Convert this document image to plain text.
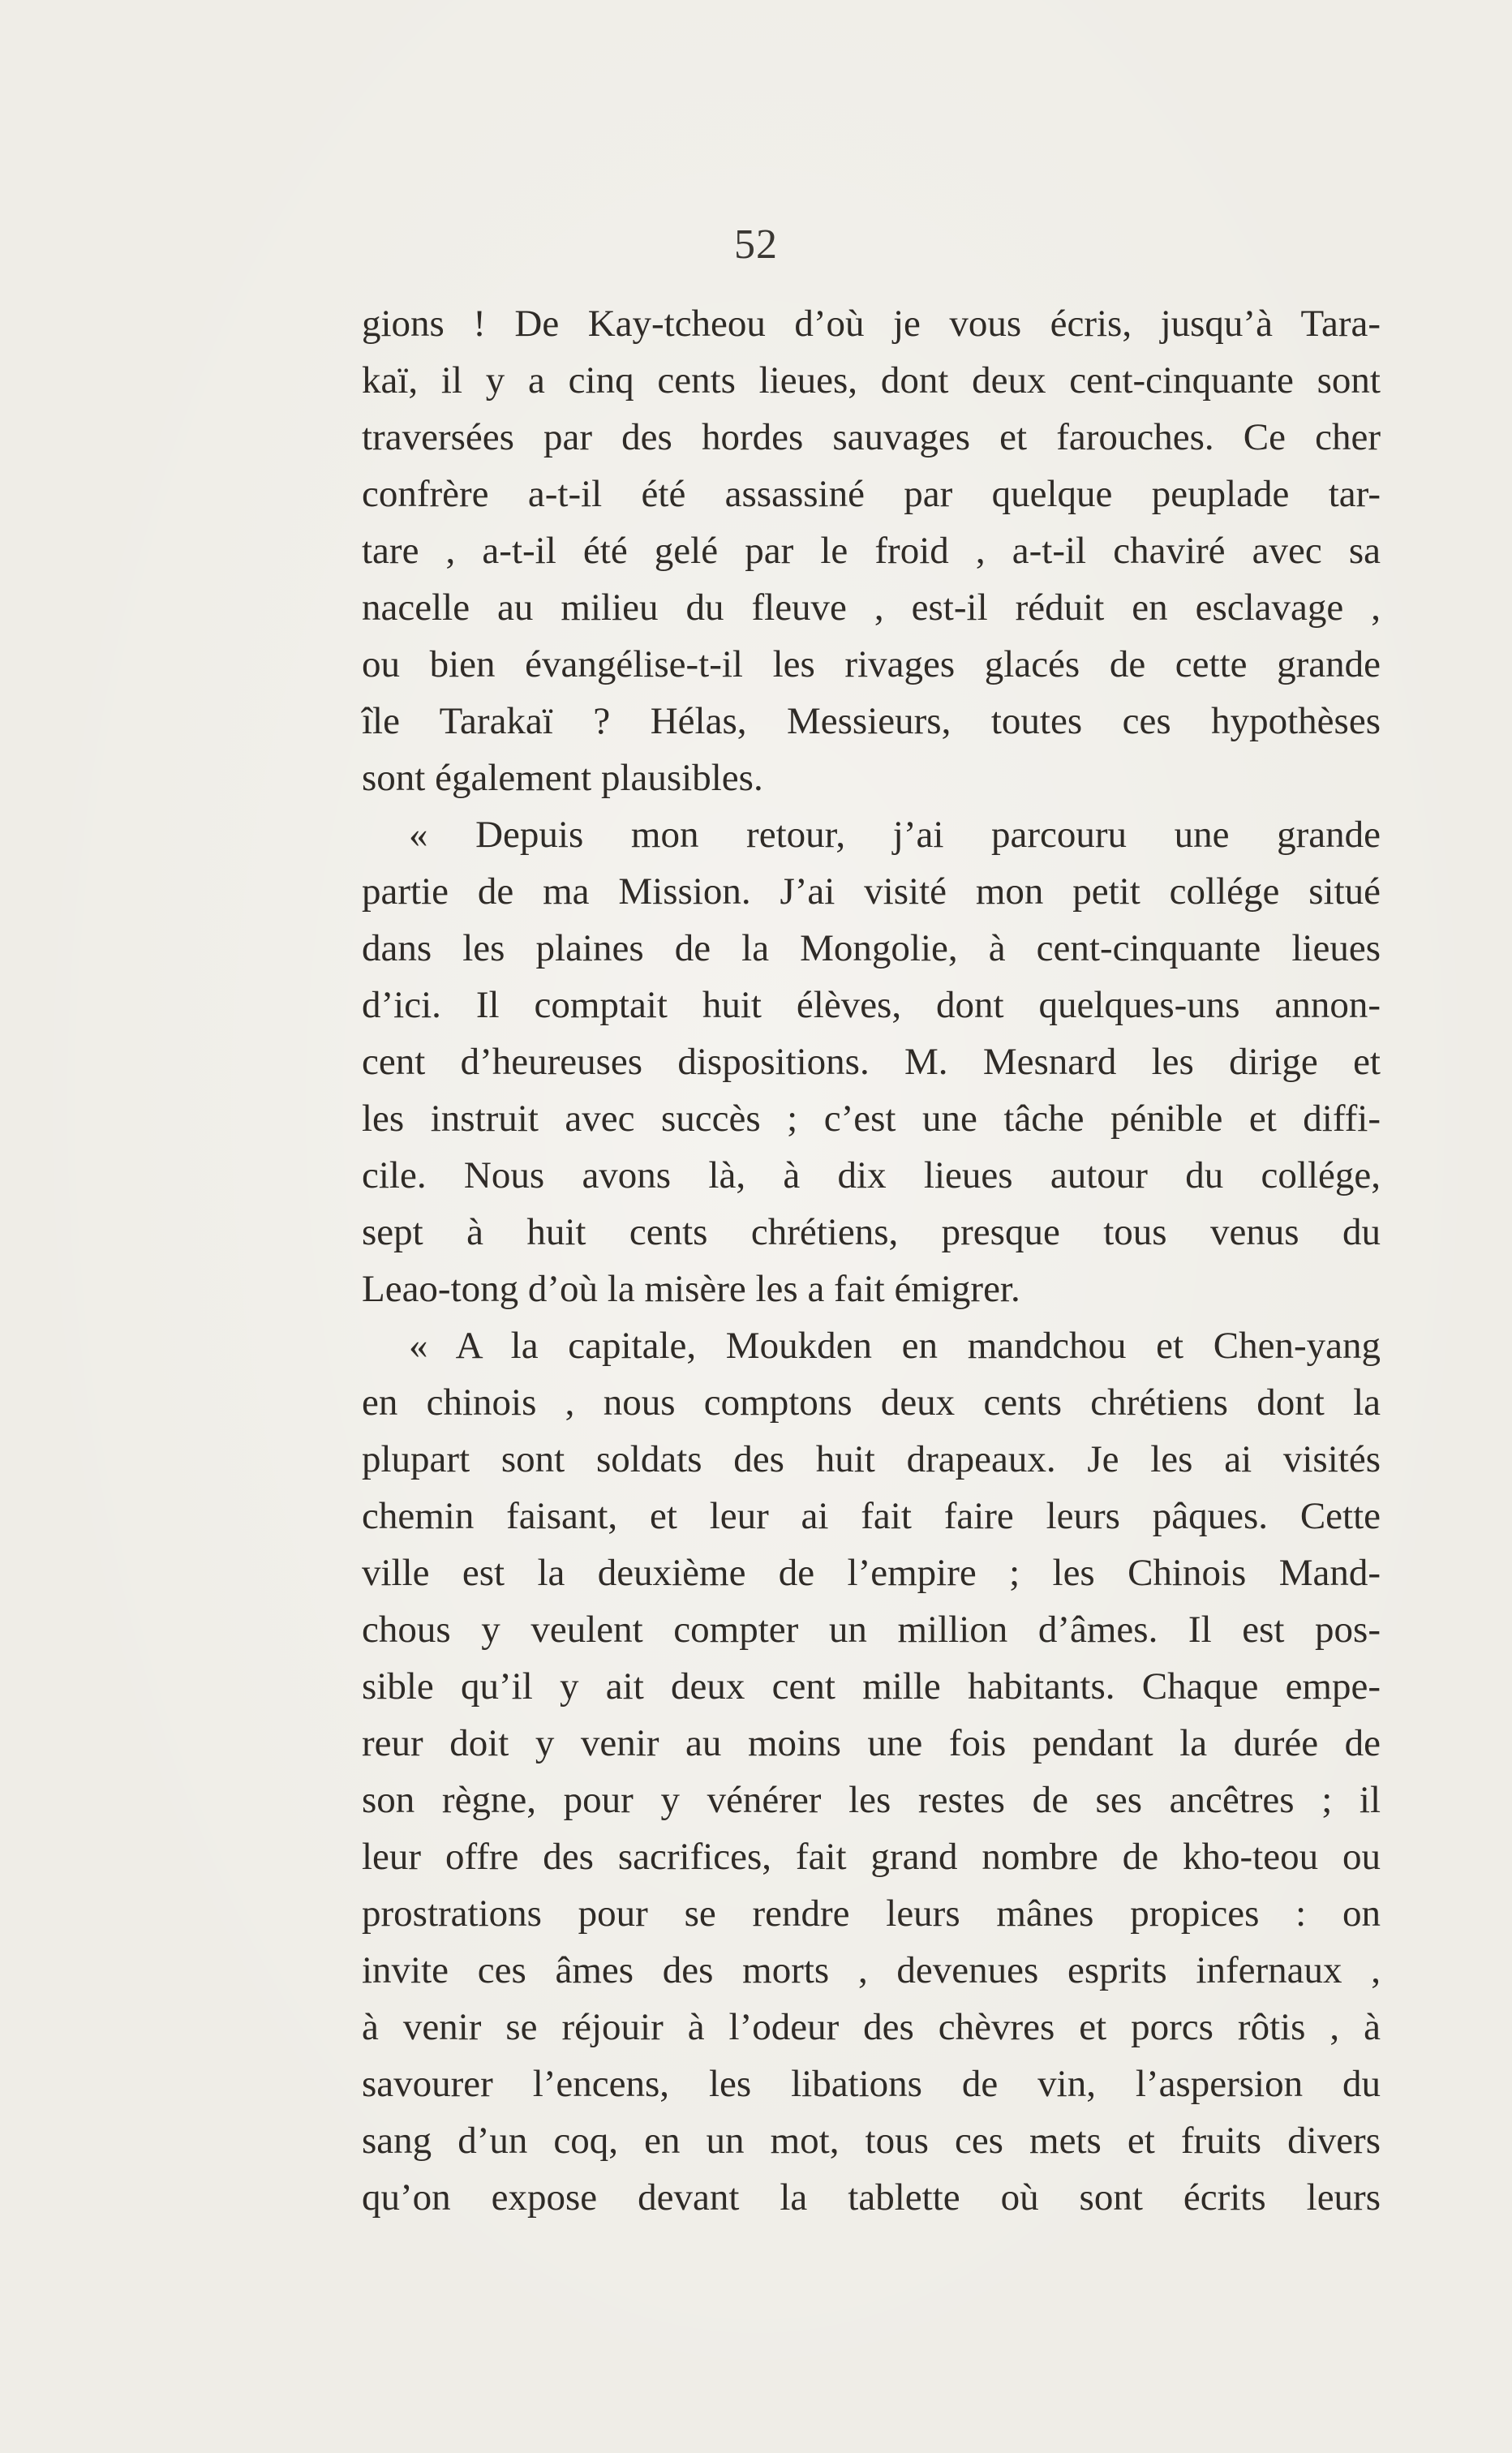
52
gions ! De Kay-tcheou d’où je vous écris, jusqu’à Tara-
kaï, il y a cinq cents lieues, dont deux cent-cinquante sont
traversées par des hordes sauvages et farouches. Ce cher
confrère a-t-il été assassiné par quelque peuplade tar-
tare , a-t-il été gelé par le froid , a-t-il chaviré avec sa
nacelle au milieu du fleuve , est-il réduit en esclavage ,
ou bien évangélise-t-il les rivages glacés de cette grande
île Tarakaï ? Hélas, Messieurs, toutes ces hypothèses
sont également plausibles.
« Depuis mon retour, j’ai parcouru une grande
partie de ma Mission. J’ai visité mon petit collége situé
dans les plaines de la Mongolie, à cent-cinquante lieues
d’ici. Il comptait huit élèves, dont quelques-uns annon-
cent d’heureuses dispositions. M. Mesnard les dirige et
les instruit avec succès ; c’est une tâche pénible et diffi-
cile. Nous avons là, à dix lieues autour du collége,
sept à huit cents chrétiens, presque tous venus du
Leao-tong d’où la misère les a fait émigrer.
« A la capitale, Moukden en mandchou et Chen-yang
en chinois , nous comptons deux cents chrétiens dont la
plupart sont soldats des huit drapeaux. Je les ai visités
chemin faisant, et leur ai fait faire leurs pâques. Cette
ville est la deuxième de l’empire ; les Chinois Mand-
chous y veulent compter un million d’âmes. Il est pos-
sible qu’il y ait deux cent mille habitants. Chaque empe-
reur doit y venir au moins une fois pendant la durée de
son règne, pour y vénérer les restes de ses ancêtres ; il
leur offre des sacrifices, fait grand nombre de kho-teou ou
prostrations pour se rendre leurs mânes propices : on
invite ces âmes des morts , devenues esprits infernaux ,
à venir se réjouir à l’odeur des chèvres et porcs rôtis , à
savourer l’encens, les libations de vin, l’aspersion du
sang d’un coq, en un mot, tous ces mets et fruits divers
qu’on expose devant la tablette où sont écrits leurs
